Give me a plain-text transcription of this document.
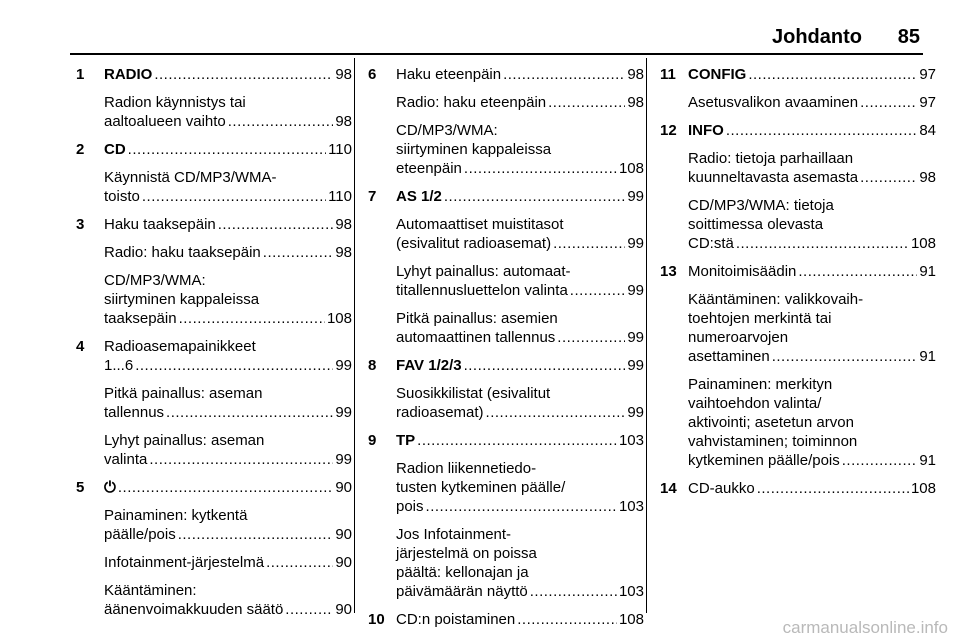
Johdanto 85
1 RADIO .....	98
Radion käynnistys tai
aaltoalueen vaihto .....	98
2 CD .....	110
Käynnistä CD/MP3/WMA-
toisto .....	110
3 Haku taaksepäin .....	98
Radio: haku taaksepäin .....	98
CD/MP3/WMA:
siirtyminen kappaleissa
taaksepäin .....	108
4 Radioasemapainikkeet
1...6 .....	99
Pitkä painallus: aseman
tallennus .....	99
Lyhyt painallus: aseman
valinta .....	99
5 ⏻ .....	90
Painaminen: kytkentä
päälle/pois .....	90
Infotainment-järjestelmä .....	90
Kääntäminen:
äänenvoimakkuuden säätö .....	90
6 Haku eteenpäin .....	98
Radio: haku eteenpäin .....	98
CD/MP3/WMA:
siirtyminen kappaleissa
eteenpäin .....	108
7 AS 1/2 .....	99
Automaattiset muistitasot
(esivalitut radioasemat) .....	99
Lyhyt painallus: automaat-
titallennusluettelon valinta .....	99
Pitkä painallus: asemien
automaattinen tallennus .....	99
8 FAV 1/2/3 .....	99
Suosikkilistat (esivalitut
radioasemat) .....	99
9 TP .....	103
Radion liikennetiedo-
tusten kytkeminen päälle/
pois .....	103
Jos Infotainment-
järjestelmä on poissa
päältä: kellonajan ja
päivämäärän näyttö .....	103
10 CD:n poistaminen .....	108
11 CONFIG .....	97
Asetusvalikon avaaminen .....	97
12 INFO .....	84
Radio: tietoja parhaillaan
kuunneltavasta asemasta .....	98
CD/MP3/WMA: tietoja
soittimessa olevasta
CD:stä .....	108
13 Monitoimisäädin .....	91
Kääntäminen: valikkovaih-
toehtojen merkintä tai
numeroarvojen
asettaminen .....	91
Painaminen: merkityn
vaihtoehdon valinta/
aktivointi; asetetun arvon
vahvistaminen; toiminnon
kytkeminen päälle/pois .....	91
14 CD-aukko .....	108
carmanualsonline.info
